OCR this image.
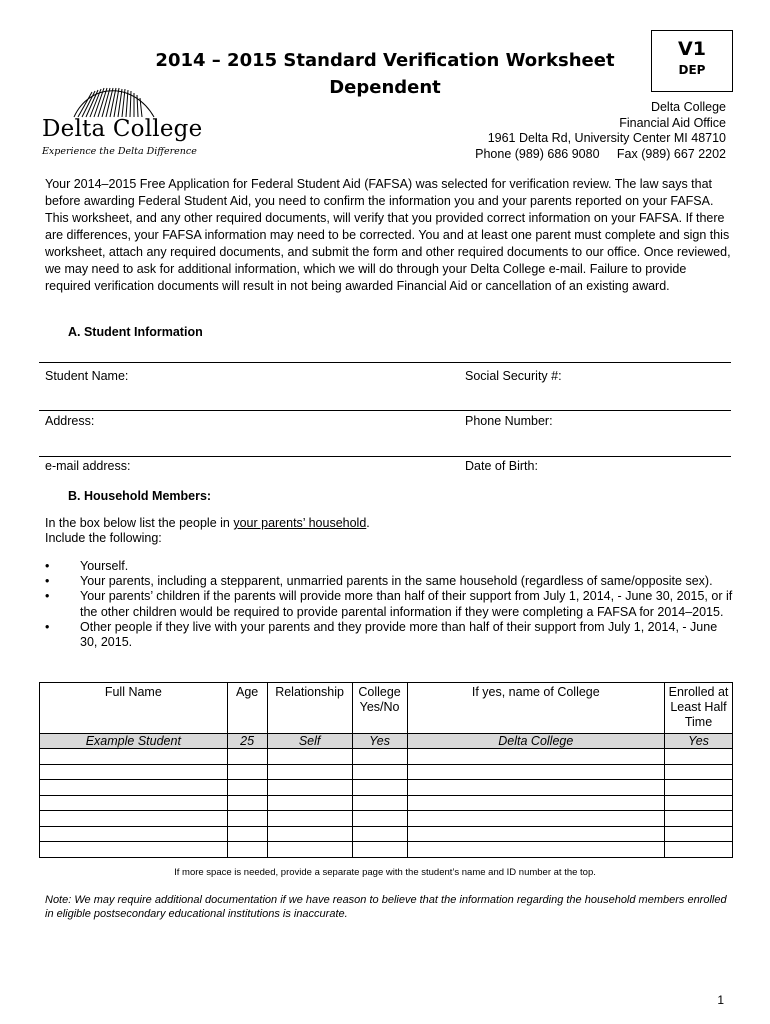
2014 – 2015 Standard Verification Worksheet
Dependent
V1
DEP
Delta College
Experience the Delta Difference
Delta College
Financial Aid Office
1961 Delta Rd, University Center MI 48710
Phone (989) 686 9080     Fax (989) 667 2202
Your 2014–2015 Free Application for Federal Student Aid (FAFSA) was selected for verification review. The law says that before awarding Federal Student Aid, you need to confirm the information you and your parents reported on your FAFSA. This worksheet, and any other required documents, will verify that you provided correct information on your FAFSA. If there are differences, your FAFSA information may need to be corrected. You and at least one parent must complete and sign this worksheet, attach any required documents, and submit the form and other required documents to our office. Once reviewed, we may need to ask for additional information, which we will do through your Delta College e-mail. Failure to provide required verification documents will result in not being awarded Financial Aid or cancellation of an existing award.
A. Student Information
Student Name:	Social Security #:
Address:	Phone Number:
e-mail address:	Date of Birth:
B. Household Members:
In the box below list the people in your parents’ household.
Include the following:
• Yourself.
• Your parents, including a stepparent, unmarried parents in the same household (regardless of same/opposite sex).
• Your parents’ children if the parents will provide more than half of their support from July 1, 2014, - June 30, 2015, or if the other children would be required to provide parental information if they were completing a FAFSA for 2014–2015.
• Other people if they live with your parents and they provide more than half of their support from July 1, 2014, - June 30, 2015.
Full Name	Age	Relationship	College Yes/No	If yes, name of College	Enrolled at Least Half Time
Example Student	25	Self	Yes	Delta College	Yes

If more space is needed, provide a separate page with the student’s name and ID number at the top.
Note: We may require additional documentation if we have reason to believe that the information regarding the household members enrolled in eligible postsecondary educational institutions is inaccurate.
1
